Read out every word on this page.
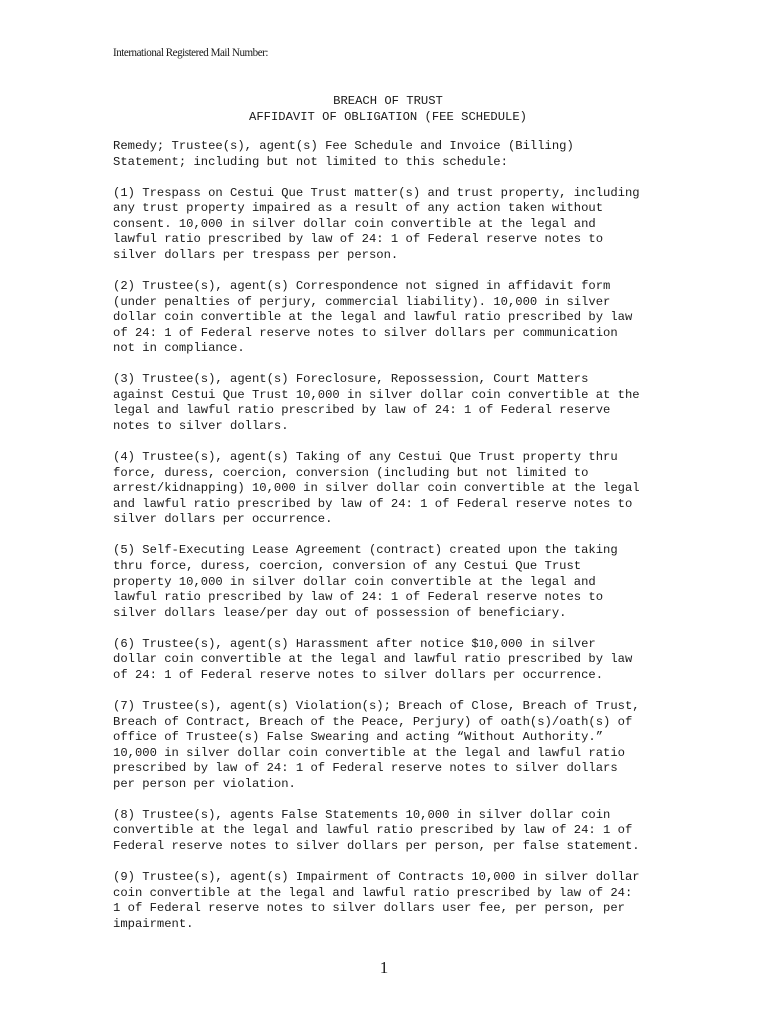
International Registered Mail Number:
BREACH OF TRUST
AFFIDAVIT OF OBLIGATION (FEE SCHEDULE)
Remedy; Trustee(s), agent(s) Fee Schedule and Invoice (Billing)
Statement; including but not limited to this schedule:
(1) Trespass on Cestui Que Trust matter(s) and trust property, including
any trust property impaired as a result of any action taken without
consent. 10,000 in silver dollar coin convertible at the legal and
lawful ratio prescribed by law of 24: 1 of Federal reserve notes to
silver dollars per trespass per person.
(2) Trustee(s), agent(s) Correspondence not signed in affidavit form
(under penalties of perjury, commercial liability). 10,000 in silver
dollar coin convertible at the legal and lawful ratio prescribed by law
of 24: 1 of Federal reserve notes to silver dollars per communication
not in compliance.
(3) Trustee(s), agent(s) Foreclosure, Repossession, Court Matters
against Cestui Que Trust 10,000 in silver dollar coin convertible at the
legal and lawful ratio prescribed by law of 24: 1 of Federal reserve
notes to silver dollars.
(4) Trustee(s), agent(s) Taking of any Cestui Que Trust property thru
force, duress, coercion, conversion (including but not limited to
arrest/kidnapping) 10,000 in silver dollar coin convertible at the legal
and lawful ratio prescribed by law of 24: 1 of Federal reserve notes to
silver dollars per occurrence.
(5) Self-Executing Lease Agreement (contract) created upon the taking
thru force, duress, coercion, conversion of any Cestui Que Trust
property 10,000 in silver dollar coin convertible at the legal and
lawful ratio prescribed by law of 24: 1 of Federal reserve notes to
silver dollars lease/per day out of possession of beneficiary.
(6) Trustee(s), agent(s) Harassment after notice $10,000 in silver
dollar coin convertible at the legal and lawful ratio prescribed by law
of 24: 1 of Federal reserve notes to silver dollars per occurrence.
(7) Trustee(s), agent(s) Violation(s); Breach of Close, Breach of Trust,
Breach of Contract, Breach of the Peace, Perjury) of oath(s)/oath(s) of
office of Trustee(s) False Swearing and acting “Without Authority.”
10,000 in silver dollar coin convertible at the legal and lawful ratio
prescribed by law of 24: 1 of Federal reserve notes to silver dollars
per person per violation.
(8) Trustee(s), agents False Statements 10,000 in silver dollar coin
convertible at the legal and lawful ratio prescribed by law of 24: 1 of
Federal reserve notes to silver dollars per person, per false statement.
(9) Trustee(s), agent(s) Impairment of Contracts 10,000 in silver dollar
coin convertible at the legal and lawful ratio prescribed by law of 24:
1 of Federal reserve notes to silver dollars user fee, per person, per
impairment.
1
